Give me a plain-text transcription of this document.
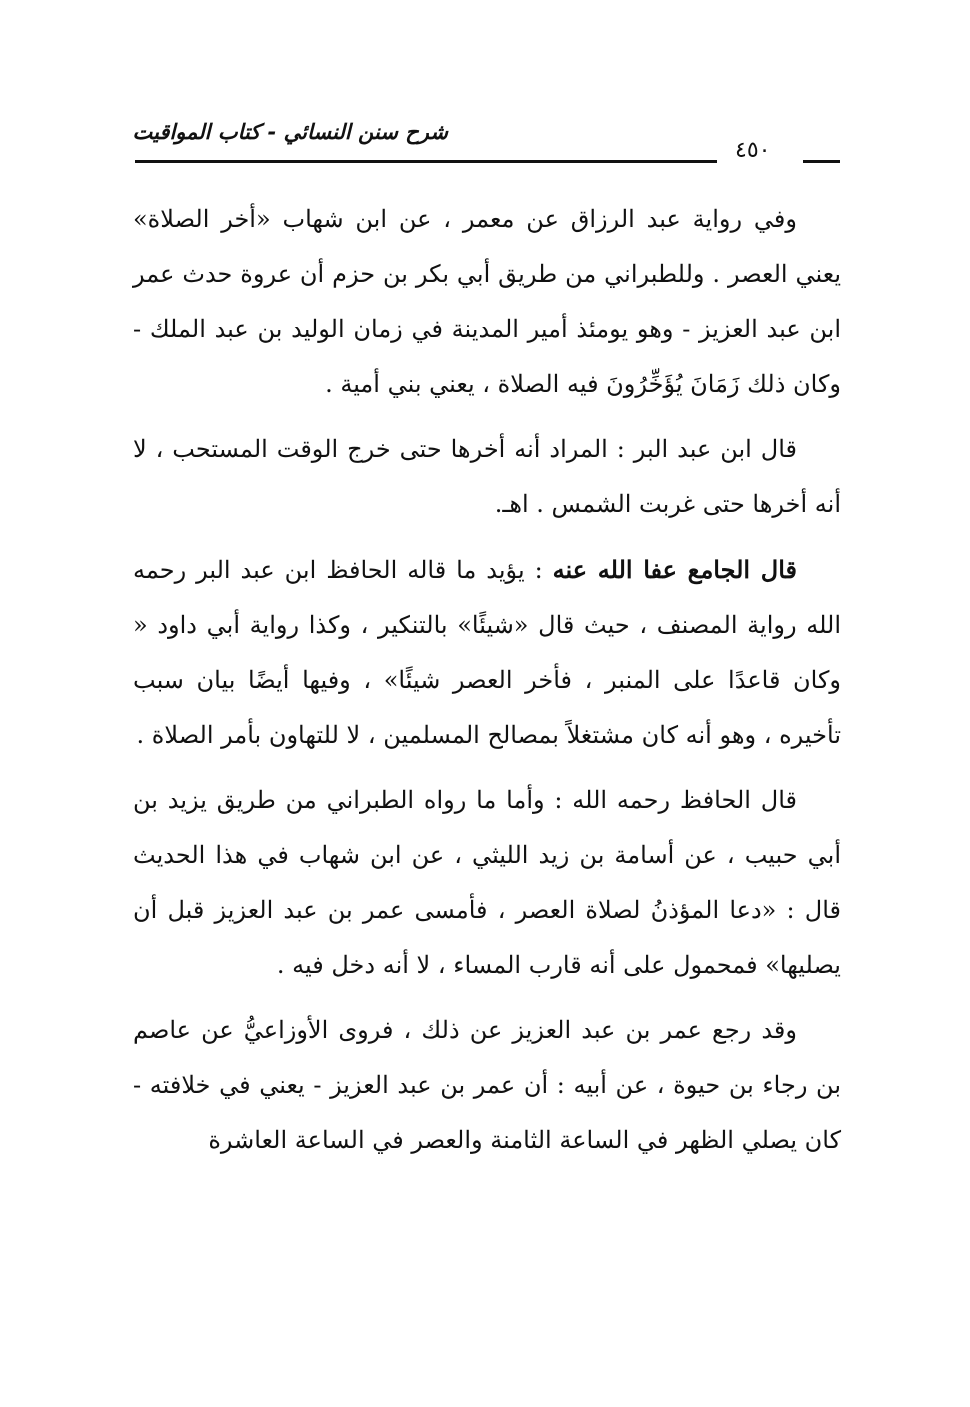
شرح سنن النسائي - كتاب المواقيت
٤٥٠

وفي رواية عبد الرزاق عن معمر ، عن ابن شهاب «أخر الصلاة» يعني العصر . وللطبراني من طريق أبي بكر بن حزم أن عروة حدث عمر ابن عبد العزيز - وهو يومئذ أمير المدينة في زمان الوليد بن عبد الملك - وكان ذلك زَمَانَ يُؤَخِّرُونَ فيه الصلاة ، يعني بني أمية .

قال ابن عبد البر : المراد أنه أخرها حتى خرج الوقت المستحب ، لا أنه أخرها حتى غربت الشمس . اهـ.

قال الجامع عفا الله عنه : يؤيد ما قاله الحافظ ابن عبد البر رحمه الله رواية المصنف ، حيث قال «شيئًا» بالتنكير ، وكذا رواية أبي داود « وكان قاعدًا على المنبر ، فأخر العصر شيئًا» ، وفيها أيضًا بيان سبب تأخيره ، وهو أنه كان مشتغلاً بمصالح المسلمين ، لا للتهاون بأمر الصلاة .

قال الحافظ رحمه الله : وأما ما رواه الطبراني من طريق يزيد بن أبي حبيب ، عن أسامة بن زيد الليثي ، عن ابن شهاب في هذا الحديث قال : «دعا المؤذنُ لصلاة العصر ، فأمسى عمر بن عبد العزيز قبل أن يصليها» فمحمول على أنه قارب المساء ، لا أنه دخل فيه .

وقد رجع عمر بن عبد العزيز عن ذلك ، فروى الأوزاعيُّ عن عاصم بن رجاء بن حيوة ، عن أبيه : أن عمر بن عبد العزيز - يعني في خلافته - كان يصلي الظهر في الساعة الثامنة والعصر في الساعة العاشرة
